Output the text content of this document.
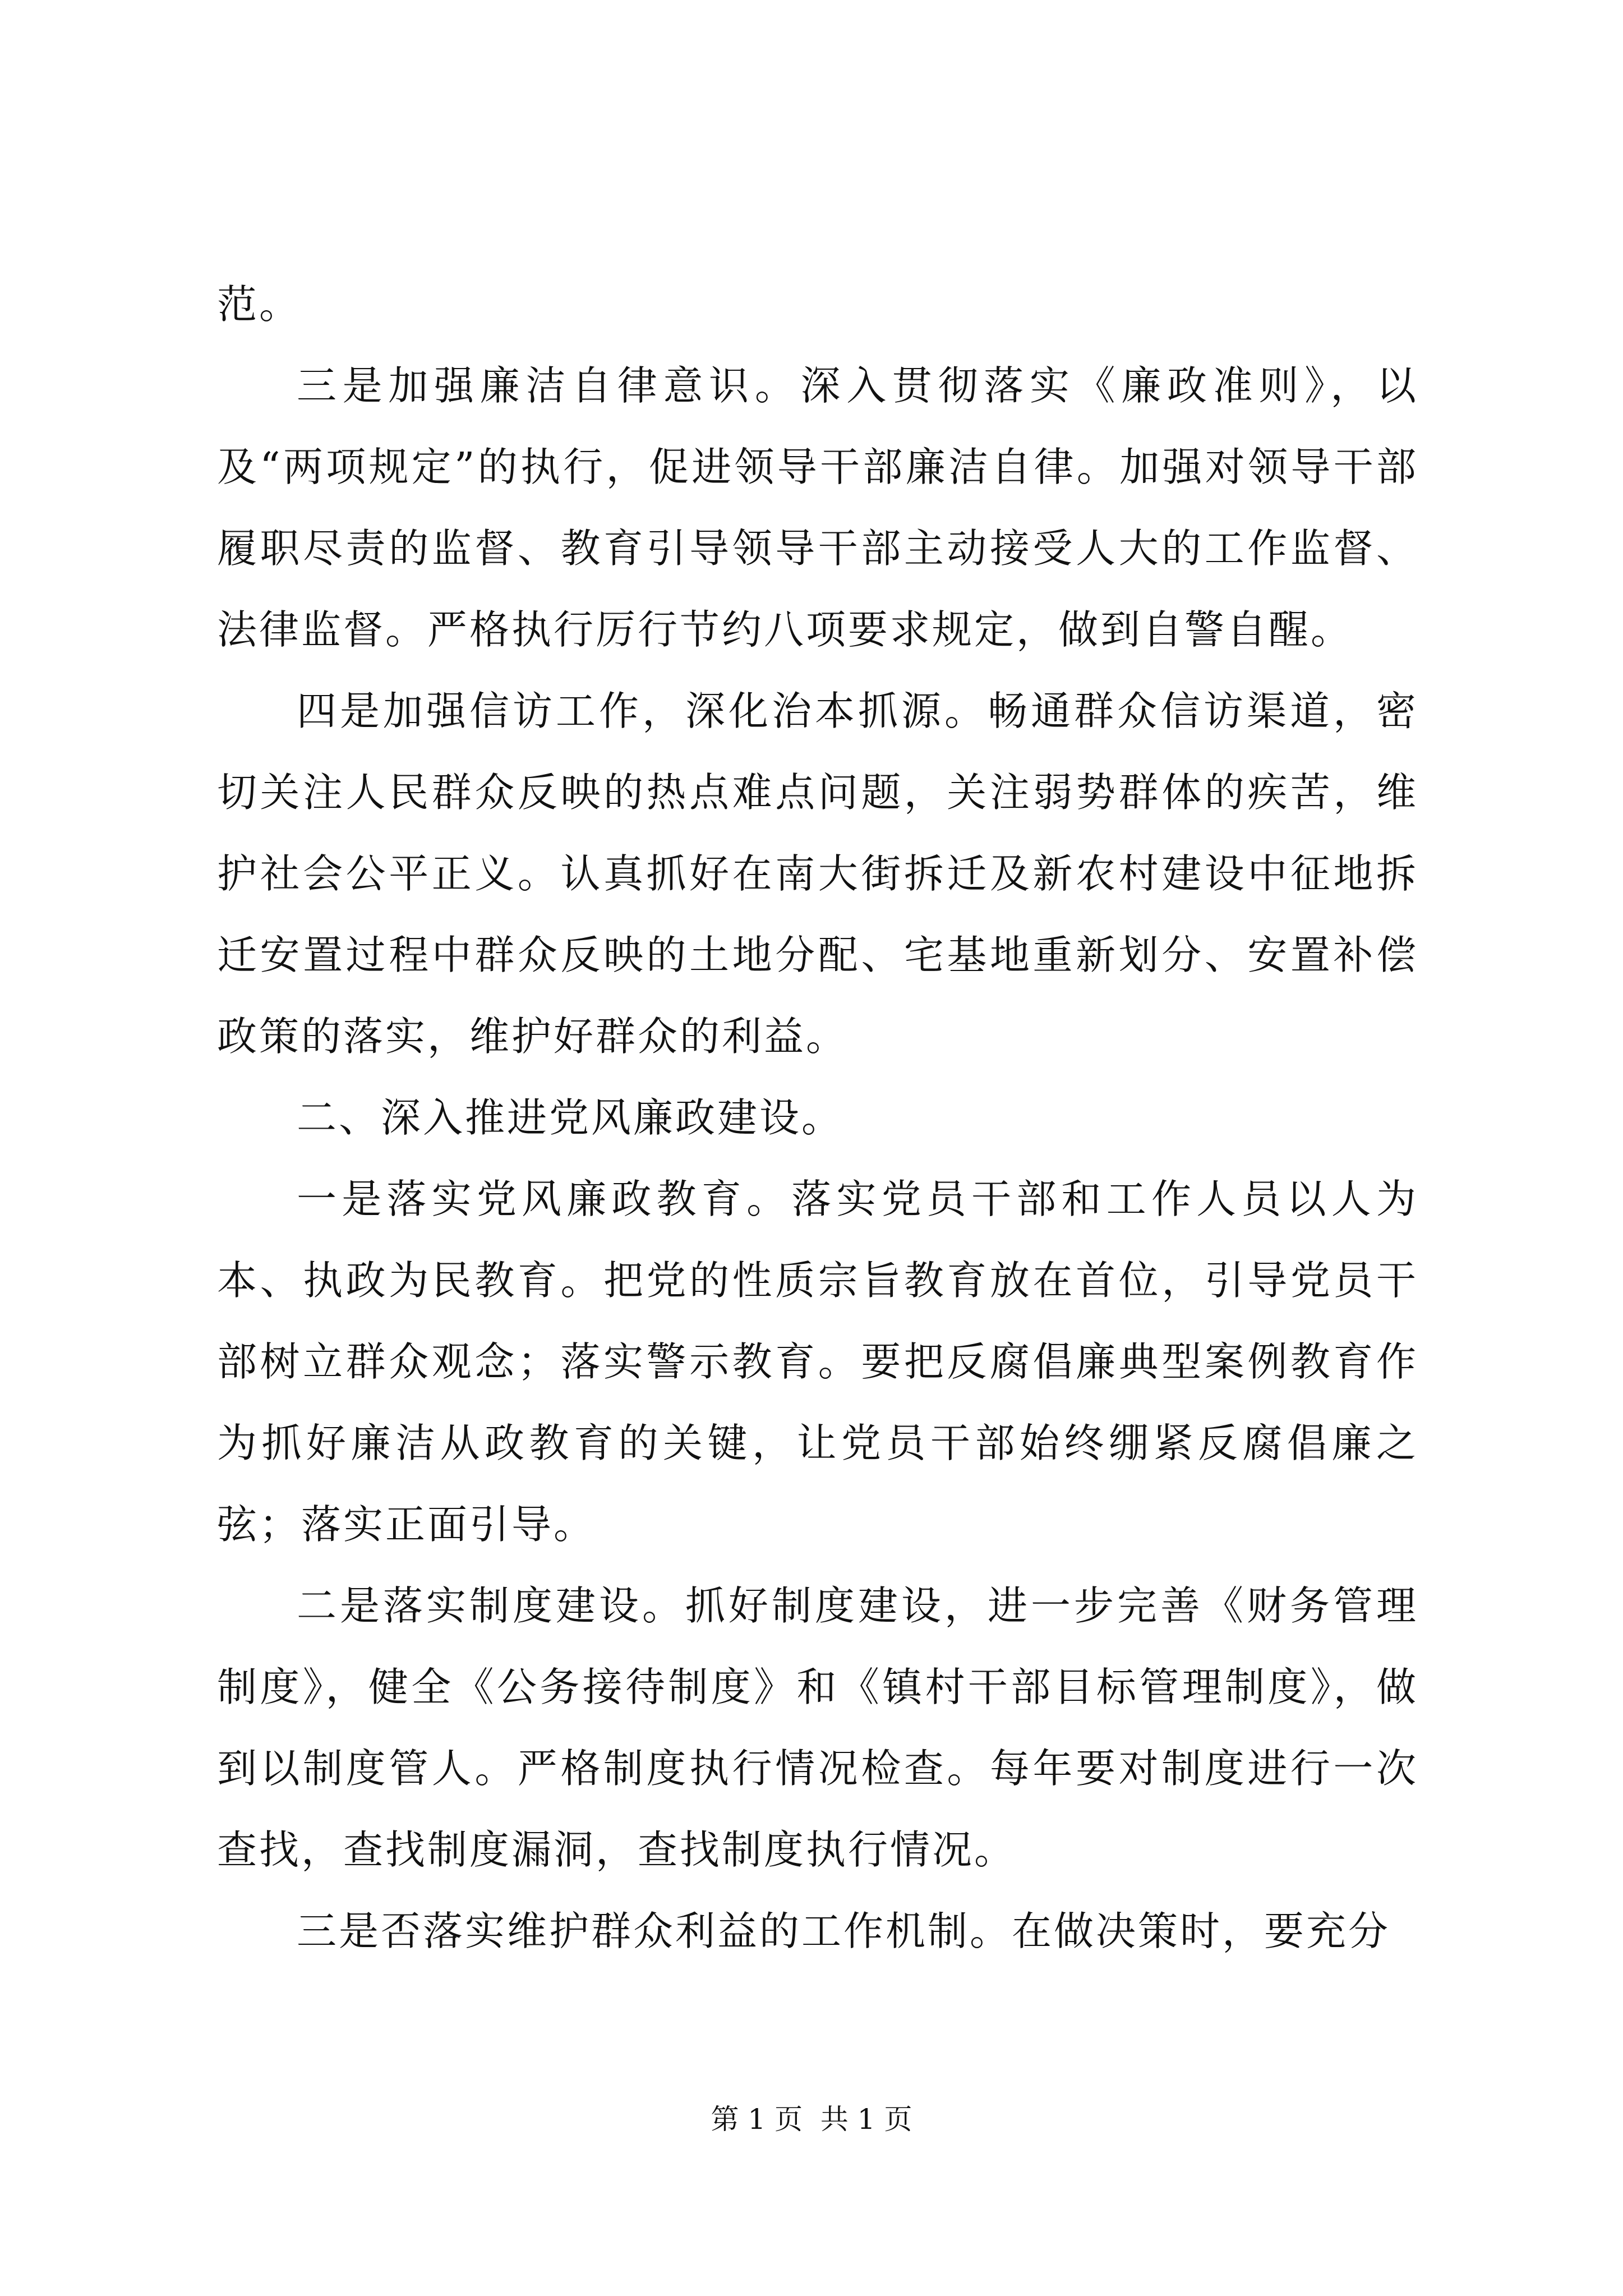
范。

三是加强廉洁自律意识。深入贯彻落实《廉政准则》，以及“两项规定”的执行，促进领导干部廉洁自律。加强对领导干部履职尽责的监督、教育引导领导干部主动接受人大的工作监督、法律监督。严格执行厉行节约八项要求规定，做到自警自醒。

四是加强信访工作，深化治本抓源。畅通群众信访渠道，密切关注人民群众反映的热点难点问题，关注弱势群体的疾苦，维护社会公平正义。认真抓好在南大街拆迁及新农村建设中征地拆迁安置过程中群众反映的土地分配、宅基地重新划分、安置补偿政策的落实，维护好群众的利益。

二、深入推进党风廉政建设。

一是落实党风廉政教育。落实党员干部和工作人员以人为本、执政为民教育。把党的性质宗旨教育放在首位，引导党员干部树立群众观念；落实警示教育。要把反腐倡廉典型案例教育作为抓好廉洁从政教育的关键，让党员干部始终绷紧反腐倡廉之弦；落实正面引导。

二是落实制度建设。抓好制度建设，进一步完善《财务管理制度》，健全《公务接待制度》和《镇村干部目标管理制度》，做到以制度管人。严格制度执行情况检查。每年要对制度进行一次查找，查找制度漏洞，查找制度执行情况。

三是否落实维护群众利益的工作机制。在做决策时，要充分

第 1 页  共 1 页
